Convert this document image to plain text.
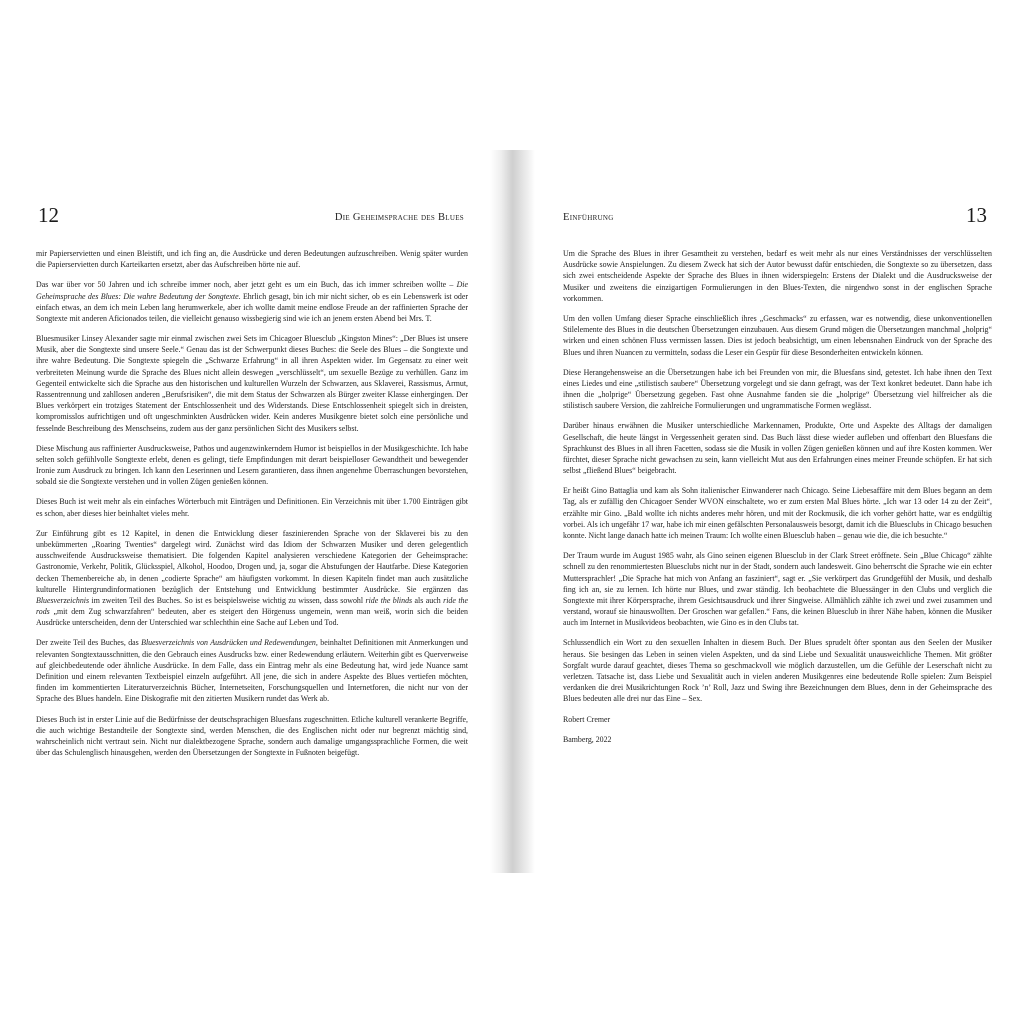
12	Die Geheimsprache des Blues

mir Papierservietten und einen Bleistift, und ich fing an, die Ausdrücke und deren Bedeutungen aufzuschreiben. Wenig später wurden die Papierservietten durch Karteikarten ersetzt, aber das Aufschreiben hörte nie auf.

Das war über vor 50 Jahren und ich schreibe immer noch, aber jetzt geht es um ein Buch, das ich immer schreiben wollte – Die Geheimsprache des Blues: Die wahre Bedeutung der Songtexte. Ehrlich gesagt, bin ich mir nicht sicher, ob es ein Lebenswerk ist oder einfach etwas, an dem ich mein Leben lang herumwerkele, aber ich wollte damit meine endlose Freude an der raffinierten Sprache der Songtexte mit anderen Aficionados teilen, die vielleicht genauso wissbegierig sind wie ich an jenem ersten Abend bei Mrs. T.

Bluesmusiker Linsey Alexander sagte mir einmal zwischen zwei Sets im Chicagoer Bluesclub „Kingston Mines“: „Der Blues ist unsere Musik, aber die Songtexte sind unsere Seele.“ Genau das ist der Schwerpunkt dieses Buches: die Seele des Blues – die Songtexte und ihre wahre Bedeutung. Die Songtexte spiegeln die „Schwarze Erfahrung“ in all ihren Aspekten wider. Im Gegensatz zu einer weit verbreiteten Meinung wurde die Sprache des Blues nicht allein deswegen „verschlüsselt“, um sexuelle Bezüge zu verhüllen. Ganz im Gegenteil entwickelte sich die Sprache aus den historischen und kulturellen Wurzeln der Schwarzen, aus Sklaverei, Rassismus, Armut, Rassentrennung und zahllosen anderen „Berufsrisiken“, die mit dem Status der Schwarzen als Bürger zweiter Klasse einhergingen. Der Blues verkörpert ein trotziges Statement der Entschlossenheit und des Widerstands. Diese Entschlossenheit spiegelt sich in dreisten, kompromisslos aufrichtigen und oft ungeschminkten Ausdrücken wider. Kein anderes Musikgenre bietet solch eine persönliche und fesselnde Beschreibung des Menschseins, zudem aus der ganz persönlichen Sicht des Musikers selbst.

Diese Mischung aus raffinierter Ausdrucksweise, Pathos und augenzwinkerndem Humor ist beispiellos in der Musikgeschichte. Ich habe selten solch gefühlvolle Songtexte erlebt, denen es gelingt, tiefe Empfindungen mit derart beispielloser Gewandtheit und bewegender Ironie zum Ausdruck zu bringen. Ich kann den Leserinnen und Lesern garantieren, dass ihnen angenehme Überraschungen bevorstehen, sobald sie die Songtexte verstehen und in vollen Zügen genießen können.

Dieses Buch ist weit mehr als ein einfaches Wörterbuch mit Einträgen und Definitionen. Ein Verzeichnis mit über 1.700 Einträgen gibt es schon, aber dieses hier beinhaltet vieles mehr.

Zur Einführung gibt es 12 Kapitel, in denen die Entwicklung dieser faszinierenden Sprache von der Sklaverei bis zu den unbekümmerten „Roaring Twenties“ dargelegt wird. Zunächst wird das Idiom der Schwarzen Musiker und deren gelegentlich ausschweifende Ausdrucksweise thematisiert. Die folgenden Kapitel analysieren verschiedene Kategorien der Geheimsprache: Gastronomie, Verkehr, Politik, Glücksspiel, Alkohol, Hoodoo, Drogen und, ja, sogar die Abstufungen der Hautfarbe. Diese Kategorien decken Themenbereiche ab, in denen „codierte Sprache“ am häufigsten vorkommt. In diesen Kapiteln findet man auch zusätzliche kulturelle Hintergrundinformationen bezüglich der Entstehung und Entwicklung bestimmter Ausdrücke. Sie ergänzen das Bluesverzeichnis im zweiten Teil des Buches. So ist es beispielsweise wichtig zu wissen, dass sowohl ride the blinds als auch ride the rods „mit dem Zug schwarzfahren“ bedeuten, aber es steigert den Hörgenuss ungemein, wenn man weiß, worin sich die beiden Ausdrücke unterscheiden, denn der Unterschied war schlechthin eine Sache auf Leben und Tod.

Der zweite Teil des Buches, das Bluesverzeichnis von Ausdrücken und Redewendungen, beinhaltet Definitionen mit Anmerkungen und relevanten Songtextausschnitten, die den Gebrauch eines Ausdrucks bzw. einer Redewendung erläutern. Weiterhin gibt es Querverweise auf gleichbedeutende oder ähnliche Ausdrücke. In dem Falle, dass ein Eintrag mehr als eine Bedeutung hat, wird jede Nuance samt Definition und einem relevanten Textbeispiel einzeln aufgeführt. All jene, die sich in andere Aspekte des Blues vertiefen möchten, finden im kommentierten Literaturverzeichnis Bücher, Internetseiten, Forschungsquellen und Internetforen, die nicht nur von der Sprache des Blues handeln. Eine Diskografie mit den zitierten Musikern rundet das Werk ab.

Dieses Buch ist in erster Linie auf die Bedürfnisse der deutschsprachigen Bluesfans zugeschnitten. Etliche kulturell verankerte Begriffe, die auch wichtige Bestandteile der Songtexte sind, werden Menschen, die des Englischen nicht oder nur begrenzt mächtig sind, wahrscheinlich nicht vertraut sein. Nicht nur dialektbezogene Sprache, sondern auch damalige umgangssprachliche Formen, die weit über das Schulenglisch hinausgehen, werden den Übersetzungen der Songtexte in Fußnoten beigefügt.

Einführung	13

Um die Sprache des Blues in ihrer Gesamtheit zu verstehen, bedarf es weit mehr als nur eines Verständnisses der verschlüsselten Ausdrücke sowie Anspielungen. Zu diesem Zweck hat sich der Autor bewusst dafür entschieden, die Songtexte so zu übersetzen, dass sich zwei entscheidende Aspekte der Sprache des Blues in ihnen widerspiegeln: Erstens der Dialekt und die Ausdrucksweise der Musiker und zweitens die einzigartigen Formulierungen in den Blues-Texten, die nirgendwo sonst in der englischen Sprache vorkommen.

Um den vollen Umfang dieser Sprache einschließlich ihres „Geschmacks“ zu erfassen, war es notwendig, diese unkonventionellen Stilelemente des Blues in die deutschen Übersetzungen einzubauen. Aus diesem Grund mögen die Übersetzungen manchmal „holprig“ wirken und einen schönen Fluss vermissen lassen. Dies ist jedoch beabsichtigt, um einen lebensnahen Eindruck von der Sprache des Blues und ihren Nuancen zu vermitteln, sodass die Leser ein Gespür für diese Besonderheiten entwickeln können.

Diese Herangehensweise an die Übersetzungen habe ich bei Freunden von mir, die Bluesfans sind, getestet. Ich habe ihnen den Text eines Liedes und eine „stilistisch saubere“ Übersetzung vorgelegt und sie dann gefragt, was der Text konkret bedeutet. Dann habe ich ihnen die „holprige“ Übersetzung gegeben. Fast ohne Ausnahme fanden sie die „holprige“ Übersetzung viel hilfreicher als die stilistisch saubere Version, die zahlreiche Formulierungen und ungrammatische Formen weglässt.

Darüber hinaus erwähnen die Musiker unterschiedliche Markennamen, Produkte, Orte und Aspekte des Alltags der damaligen Gesellschaft, die heute längst in Vergessenheit geraten sind. Das Buch lässt diese wieder aufleben und offenbart den Bluesfans die Sprachkunst des Blues in all ihren Facetten, sodass sie die Musik in vollen Zügen genießen können und auf ihre Kosten kommen. Wer fürchtet, dieser Sprache nicht gewachsen zu sein, kann vielleicht Mut aus den Erfahrungen eines meiner Freunde schöpfen. Er hat sich selbst „fließend Blues“ beigebracht.

Er heißt Gino Battaglia und kam als Sohn italienischer Einwanderer nach Chicago. Seine Liebesaffäre mit dem Blues begann an dem Tag, als er zufällig den Chicagoer Sender WVON einschaltete, wo er zum ersten Mal Blues hörte. „Ich war 13 oder 14 zu der Zeit“, erzählte mir Gino. „Bald wollte ich nichts anderes mehr hören, und mit der Rockmusik, die ich vorher gehört hatte, war es endgültig vorbei. Als ich ungefähr 17 war, habe ich mir einen gefälschten Personalausweis besorgt, damit ich die Bluesclubs in Chicago besuchen konnte. Nicht lange danach hatte ich meinen Traum: Ich wollte einen Bluesclub haben – genau wie die, die ich besuchte.“

Der Traum wurde im August 1985 wahr, als Gino seinen eigenen Bluesclub in der Clark Street eröffnete. Sein „Blue Chicago“ zählte schnell zu den renommiertesten Bluesclubs nicht nur in der Stadt, sondern auch landesweit. Gino beherrscht die Sprache wie ein echter Muttersprachler! „Die Sprache hat mich von Anfang an fasziniert“, sagt er. „Sie verkörpert das Grundgefühl der Musik, und deshalb fing ich an, sie zu lernen. Ich hörte nur Blues, und zwar ständig. Ich beobachtete die Bluessänger in den Clubs und verglich die Songtexte mit ihrer Körpersprache, ihrem Gesichtsausdruck und ihrer Singweise. Allmählich zählte ich zwei und zwei zusammen und verstand, worauf sie hinauswollten. Der Groschen war gefallen.“ Fans, die keinen Bluesclub in ihrer Nähe haben, können die Musiker auch im Internet in Musikvideos beobachten, wie Gino es in den Clubs tat.

Schlussendlich ein Wort zu den sexuellen Inhalten in diesem Buch. Der Blues sprudelt öfter spontan aus den Seelen der Musiker heraus. Sie besingen das Leben in seinen vielen Aspekten, und da sind Liebe und Sexualität unausweichliche Themen. Mit größter Sorgfalt wurde darauf geachtet, dieses Thema so geschmackvoll wie möglich darzustellen, um die Gefühle der Leserschaft nicht zu verletzen. Tatsache ist, dass Liebe und Sexualität auch in vielen anderen Musikgenres eine bedeutende Rolle spielen: Zum Beispiel verdanken die drei Musikrichtungen Rock ’n’ Roll, Jazz und Swing ihre Bezeichnungen dem Blues, denn in der Geheimsprache des Blues bedeuten alle drei nur das Eine – Sex.

Robert Cremer

Bamberg, 2022
